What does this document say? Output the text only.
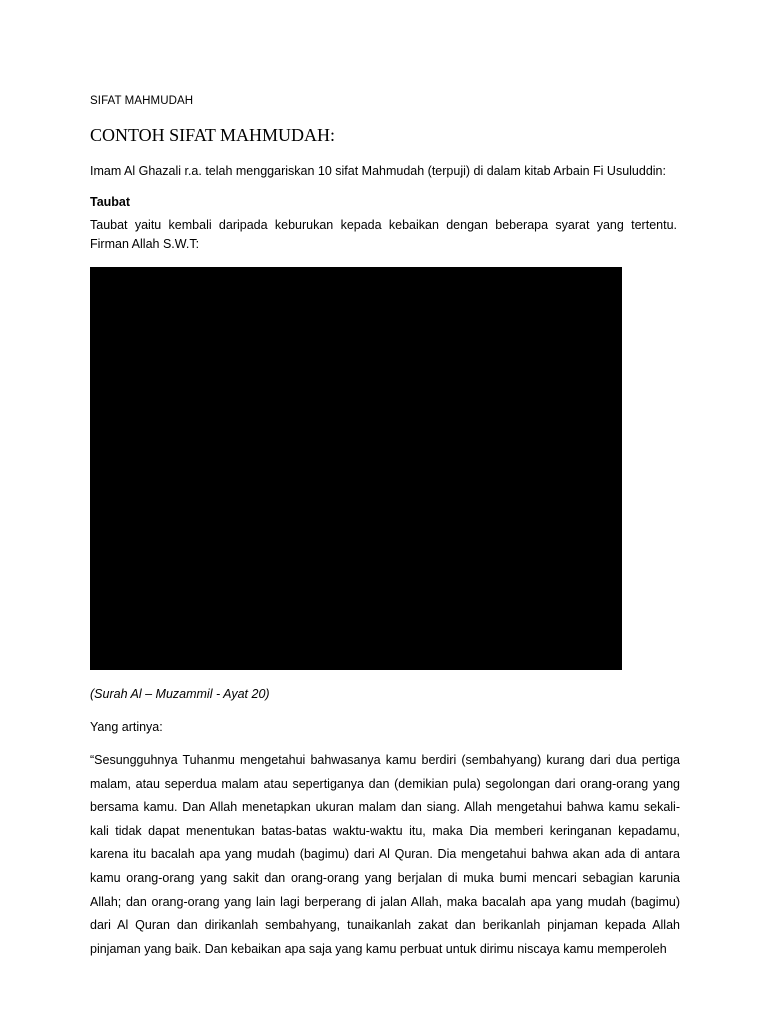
SIFAT MAHMUDAH
CONTOH SIFAT MAHMUDAH:
Imam Al Ghazali r.a. telah menggariskan 10 sifat Mahmudah (terpuji) di dalam kitab Arbain Fi Usuluddin:
Taubat
Taubat yaitu kembali daripada keburukan kepada kebaikan dengan beberapa syarat yang tertentu. Firman Allah S.W.T:
(Surah Al – Muzammil - Ayat 20)
Yang artinya:
“Sesungguhnya Tuhanmu mengetahui bahwasanya kamu berdiri (sembahyang) kurang dari dua pertiga malam, atau seperdua malam atau sepertiganya dan (demikian pula) segolongan dari orang-orang yang bersama kamu. Dan Allah menetapkan ukuran malam dan siang. Allah mengetahui bahwa kamu sekali-kali tidak dapat menentukan batas-batas waktu-waktu itu, maka Dia memberi keringanan kepadamu, karena itu bacalah apa yang mudah (bagimu) dari Al Quran. Dia mengetahui bahwa akan ada di antara kamu orang-orang yang sakit dan orang-orang yang berjalan di muka bumi mencari sebagian karunia Allah; dan orang-orang yang lain lagi berperang di jalan Allah, maka bacalah apa yang mudah (bagimu) dari Al Quran dan dirikanlah sembahyang, tunaikanlah zakat dan berikanlah pinjaman kepada Allah pinjaman yang baik. Dan kebaikan apa saja yang kamu perbuat untuk dirimu niscaya kamu memperoleh
